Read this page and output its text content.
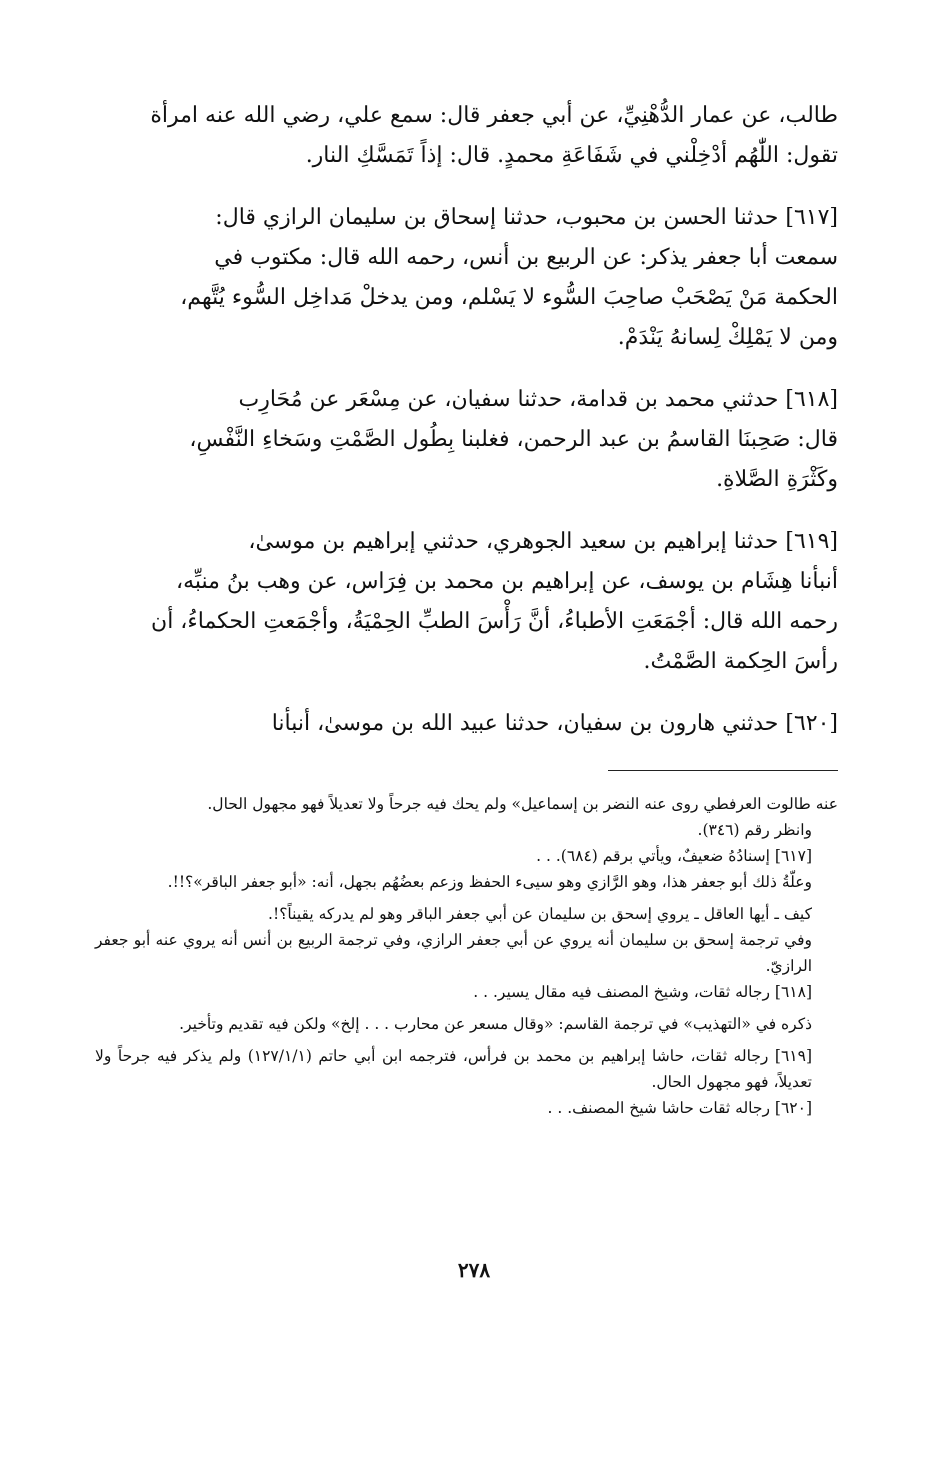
طالب، عن عمار الدُّهْنِيِّ، عن أبي جعفر قال: سمع علي، رضي الله عنه امرأة

تقول: اللّٰهُم أدْخِلْني في شَفَاعَةِ محمدٍ. قال: إذاً تَمَسَّكِ النار.

[٦١٧] حدثنا الحسن بن محبوب، حدثنا إسحاق بن سليمان الرازي قال:

سمعت أبا جعفر يذكر: عن الربيع بن أنس، رحمه الله قال: مكتوب في

الحكمة مَنْ يَصْحَبْ صاحِبَ السُّوء لا يَسْلم، ومن يدخلْ مَداخِل السُّوء يُتَّهم،

ومن لا يَمْلِكْ لِسانهُ يَنْدَمْ.

[٦١٨] حدثني محمد بن قدامة، حدثنا سفيان، عن مِسْعَر عن مُحَارِب

قال: صَحِبنَا القاسمُ بن عبد الرحمن، فغلبنا بِطُول الصَّمْتِ وسَخاءِ النَّفْسِ،

وكَثْرَةِ الصَّلاةِ.

[٦١٩] حدثنا إبراهيم بن سعيد الجوهري، حدثني إبراهيم بن موسىٰ،

أنبأنا هِشَام بن يوسف، عن إبراهيم بن محمد بن فِرَاس، عن وهب بنُ منبِّه،

رحمه الله قال: أجْمَعَتِ الأطباءُ، أنَّ رَأْسَ الطبِّ الحِمْيَةُ، وأجْمَعتِ الحكماءُ، أن

رأسَ الحِكمة الصَّمْتُ.

[٦٢٠] حدثني هارون بن سفيان، حدثنا عبيد الله بن موسىٰ، أنبأنا

عنه طالوت العرفطي روى عنه النضر بن إسماعيل» ولم يحك فيه جرحاً ولا تعديلاً فهو مجهول الحال.

وانظر رقم (٣٤٦).

[٦١٧] إسنادُهُ ضعيفٌ، ويأتي برقم (٦٨٤). . .

وعلّةُ ذلك أبو جعفر هذا، وهو الرَّازي وهو سيىء الحفظ وزعم بعضُهُم بجهل، أنه: «أبو جعفر الباقر»؟!!.

كيف ـ أيها العاقل ـ يروي إسحق بن سليمان عن أبي جعفر الباقر وهو لم يدركه يقيناً؟!.

وفي ترجمة إسحق بن سليمان أنه يروي عن أبي جعفر الرازي، وفي ترجمة الربيع بن أنس أنه يروي عنه أبو جعفر الرازيّ.

[٦١٨] رجاله ثقات، وشيخ المصنف فيه مقال يسير. . .

ذكره في «التهذيب» في ترجمة القاسم: «وقال مسعر عن محارب . . . إلخ» ولكن فيه تقديم وتأخير.

[٦١٩] رجاله ثقات، حاشا إبراهيم بن محمد بن فرأس، فترجمه ابن أبي حاتم (١٢٧/١/١) ولم يذكر فيه جرحاً ولا تعديلاً، فهو مجهول الحال.

[٦٢٠] رجاله ثقات حاشا شيخ المصنف. . .

٢٧٨
